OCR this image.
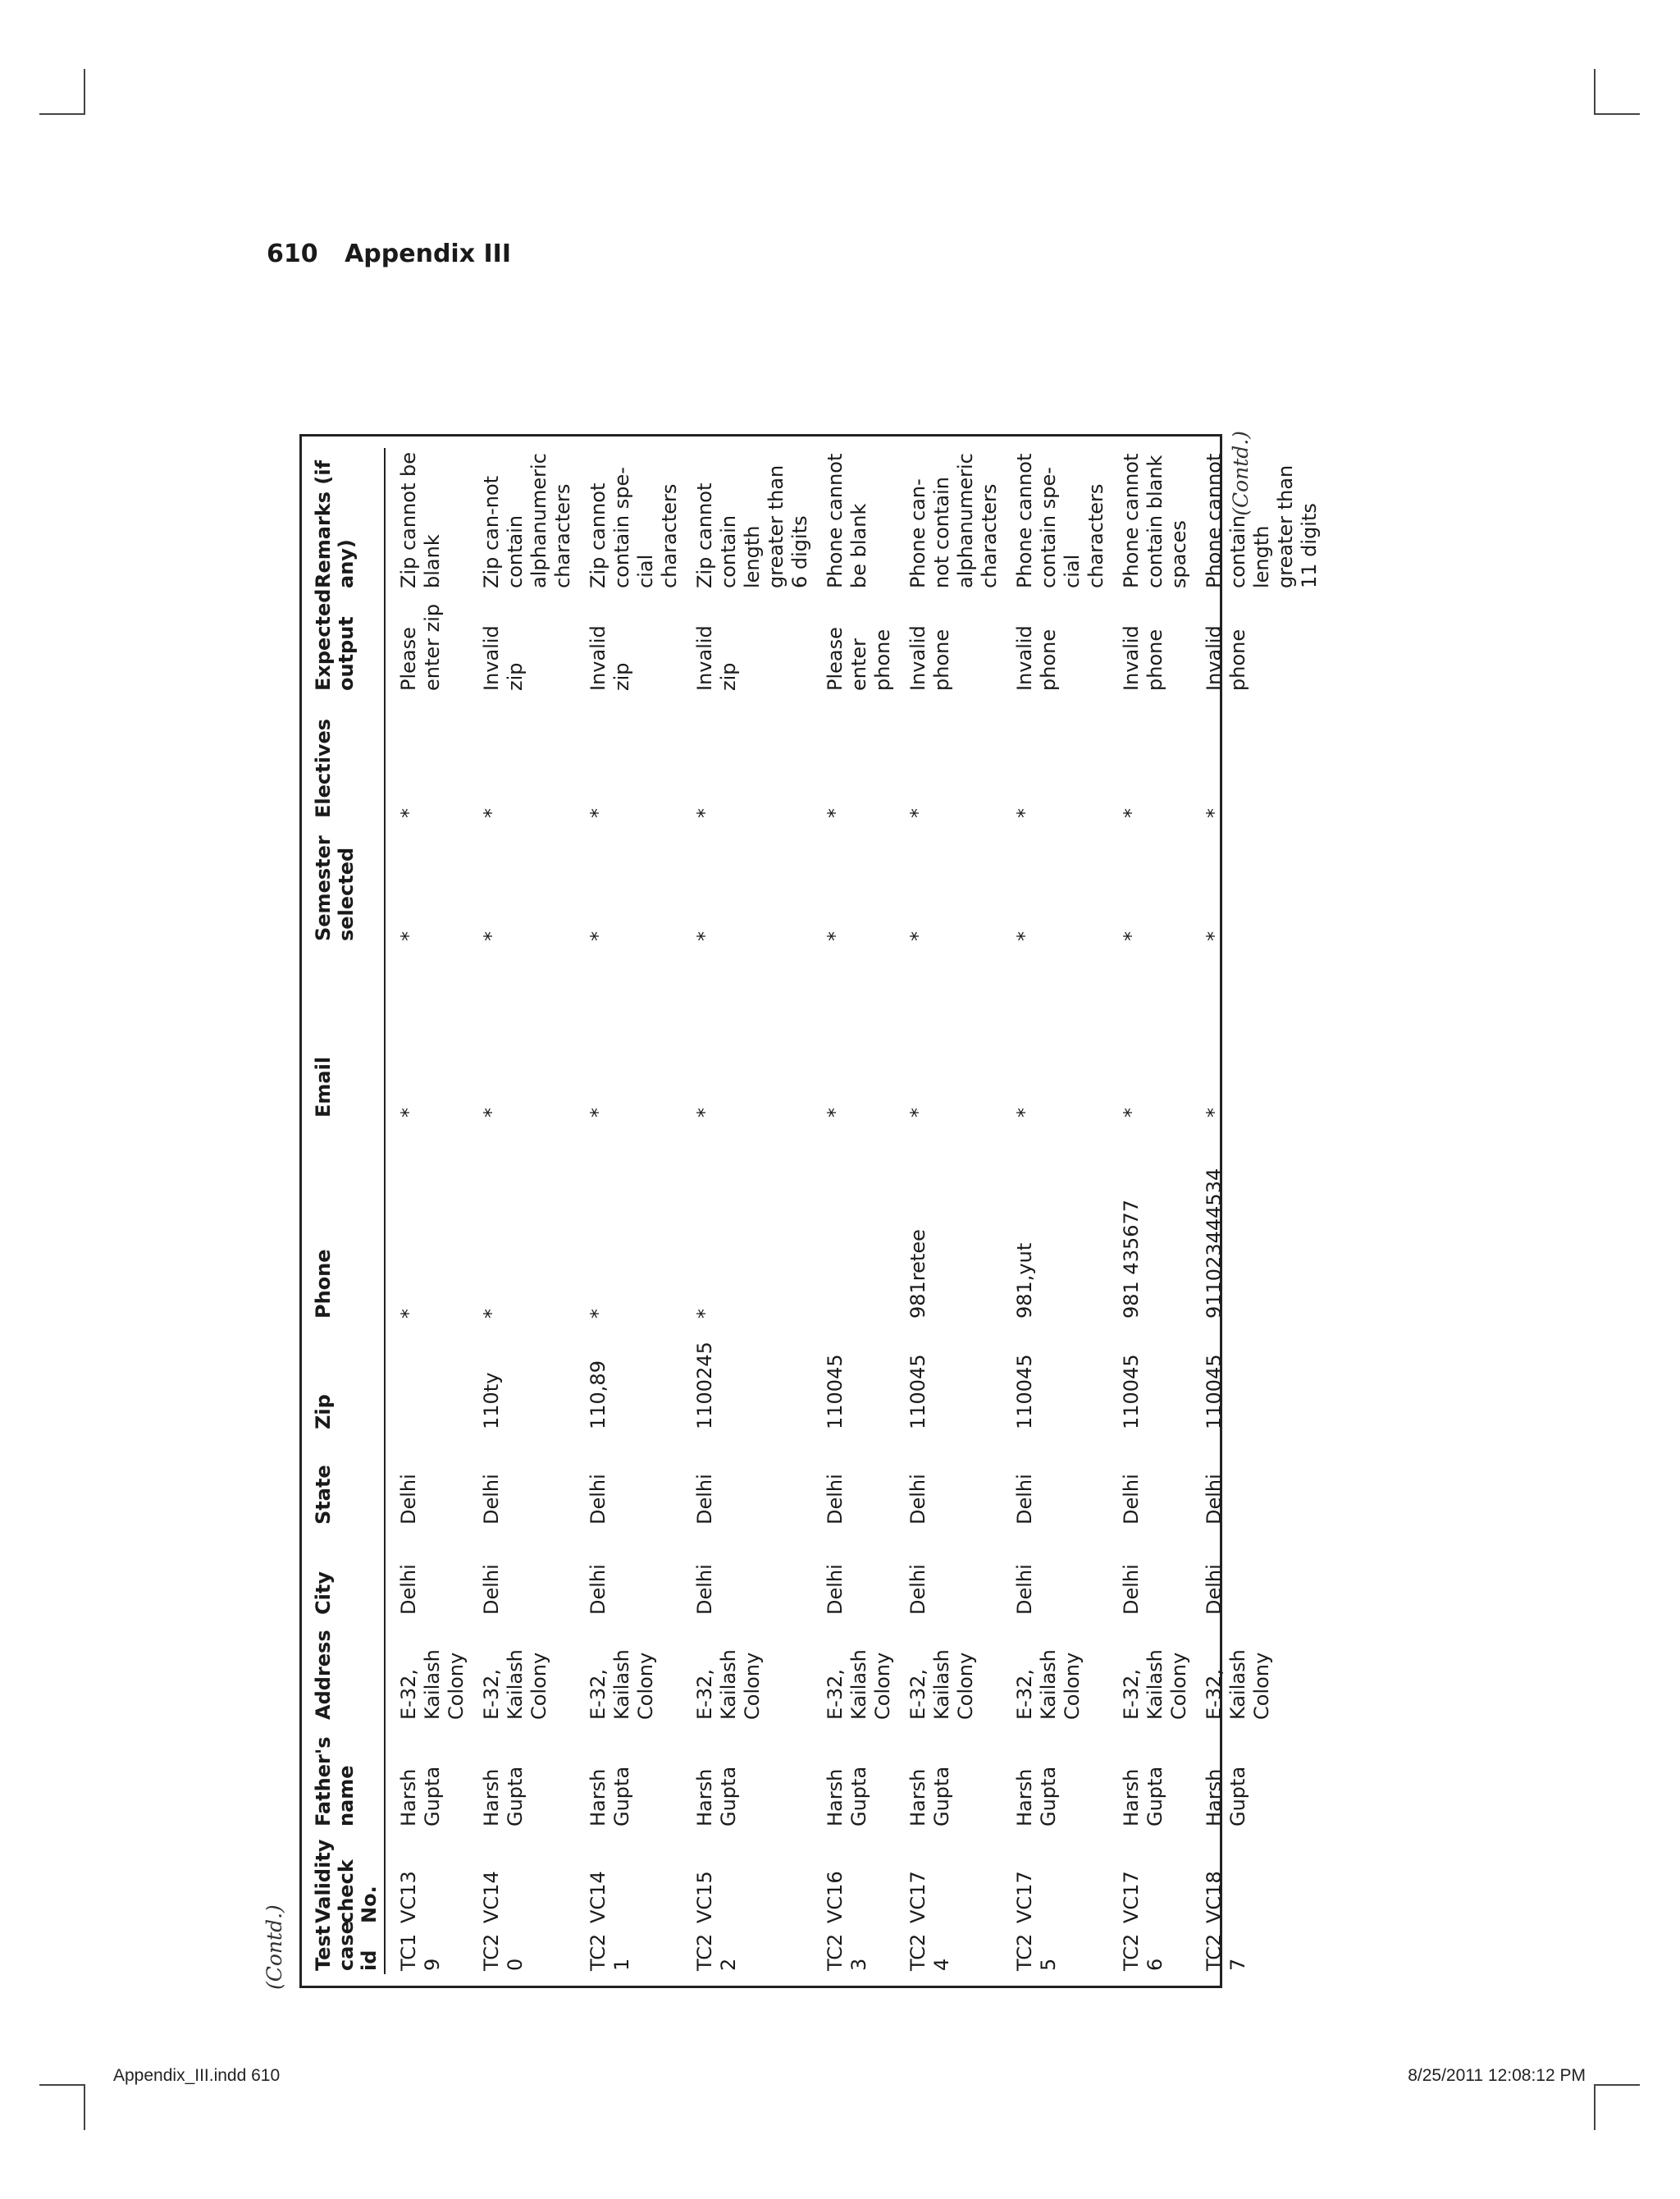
610 Appendix III
(Contd.) Test case id	Validity check No.	Father's name	Address	City	State	Zip	Phone	Email	Semester selected	Electives	Expected output	Remarks (if any)
TC19	VC13	Harsh Gupta	E-32, Kailash Colony	Delhi	Delhi		*	*	*	*	Please enter zip	Zip cannot be blank
TC20	VC14	Harsh Gupta	E-32, Kailash Colony	Delhi	Delhi	110ty	*	*	*	*	Invalid zip	Zip can-not contain alphanumeric characters
TC21	VC14	Harsh Gupta	E-32, Kailash Colony	Delhi	Delhi	110,89	*	*	*	*	Invalid zip	Zip cannot contain spe-cial characters
TC22	VC15	Harsh Gupta	E-32, Kailash Colony	Delhi	Delhi	1100245	*	*	*	*	Invalid zip	Zip cannot contain length greater than 6 digits
TC23	VC16	Harsh Gupta	E-32, Kailash Colony	Delhi	Delhi	110045		*	*	*	Please enter phone	Phone cannot be blank
TC24	VC17	Harsh Gupta	E-32, Kailash Colony	Delhi	Delhi	110045	981retee	*	*	*	Invalid phone	Phone can-not contain alphanumeric characters
TC25	VC17	Harsh Gupta	E-32, Kailash Colony	Delhi	Delhi	110045	981,yut	*	*	*	Invalid phone	Phone cannot contain spe-cial characters
TC26	VC17	Harsh Gupta	E-32, Kailash Colony	Delhi	Delhi	110045	981 435677	*	*	*	Invalid phone	Phone cannot contain blank spaces
TC27	VC18	Harsh Gupta	E-32, Kailash Colony	Delhi	Delhi	110045	911023444534	*	*	*	Invalid phone	Phone cannot contain length greater than 11 digits
(Contd.)
Appendix_III.indd 610	8/25/2011 12:08:12 PM
